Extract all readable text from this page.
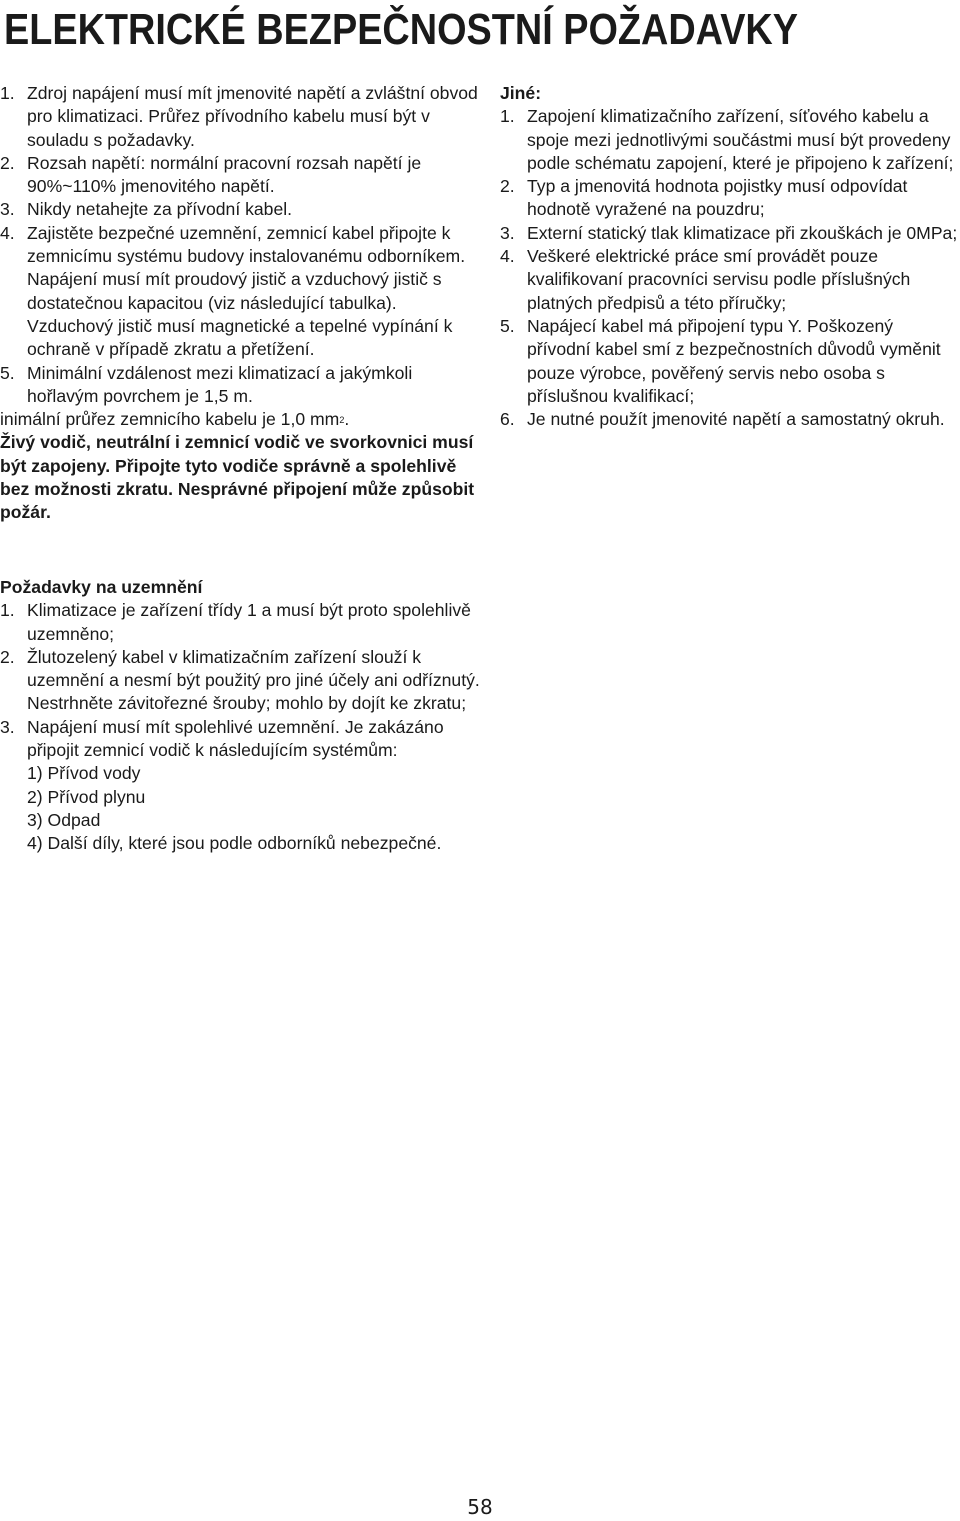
ELEKTRICKÉ BEZPEČNOSTNÍ POŽADAVKY
1. Zdroj napájení musí mít jmenovité napětí a zvláštní obvod pro klimatizaci. Průřez přívodního kabelu musí být v souladu s požadavky.
2. Rozsah napětí: normální pracovní rozsah napětí je 90%~110% jmenovitého napětí.
3. Nikdy netahejte za přívodní kabel.
4. Zajistěte bezpečné uzemnění, zemnicí kabel připojte k zemnicímu systému budovy instalovanému odborníkem. Napájení musí mít proudový jistič a vzduchový jistič s dostatečnou kapacitou (viz následující tabulka). Vzduchový jistič musí magnetické a tepelné vypínání k ochraně v případě zkratu a přetížení.
5. Minimální vzdálenost mezi klimatizací a jakýmkoli hořlavým povrchem je 1,5 m.

inimální průřez zemnicího kabelu je 1,0 $mm^2$.

Živý vodič, neutrální i zemnicí vodič ve svorkovnici musí být zapojeny. Připojte tyto vodiče správně a spolehlivě bez možnosti zkratu. Nesprávné připojení může způsobit požár.

Jiné:

1. Zapojení klimatizačního zařízení, síťového kabelu a spoje mezi jednotlivými součástmi musí být provedeny podle schématu zapojení, které je připojeno k zařízení;
2. Typ a jmenovitá hodnota pojistky musí odpovídat hodnotě vyražené na pouzdru;
3. Externí statický tlak klimatizace při zkouškách je 0MPa;
4. Veškeré elektrické práce smí provádět pouze kvalifikovaní pracovníci servisu podle příslušných platných předpisů a této příručky;
5. Napájecí kabel má připojení typu Y. Poškozený přívodní kabel smí z bezpečnostních důvodů vyměnit pouze výrobce, pověřený servis nebo osoba s příslušnou kvalifikací;
6. Je nutné použít jmenovité napětí a samostatný okruh.

Požadavky na uzemnění

1. Klimatizace je zařízení třídy 1 a musí být proto spolehlivě uzemněno;
2. Žlutozelený kabel v klimatizačním zařízení slouží k uzemnění a nesmí být použitý pro jiné účely ani odříznutý. Nestrhněte závitořezné šrouby; mohlo by dojít ke zkratu;
3. Napájení musí mít spolehlivé uzemnění. Je zakázáno připojit zemnicí vodič k následujícím systémům:

1) Přívod vody

2) Přívod plynu

3) Odpad

4) Další díly, které jsou podle odborníků nebezpečné.

58
